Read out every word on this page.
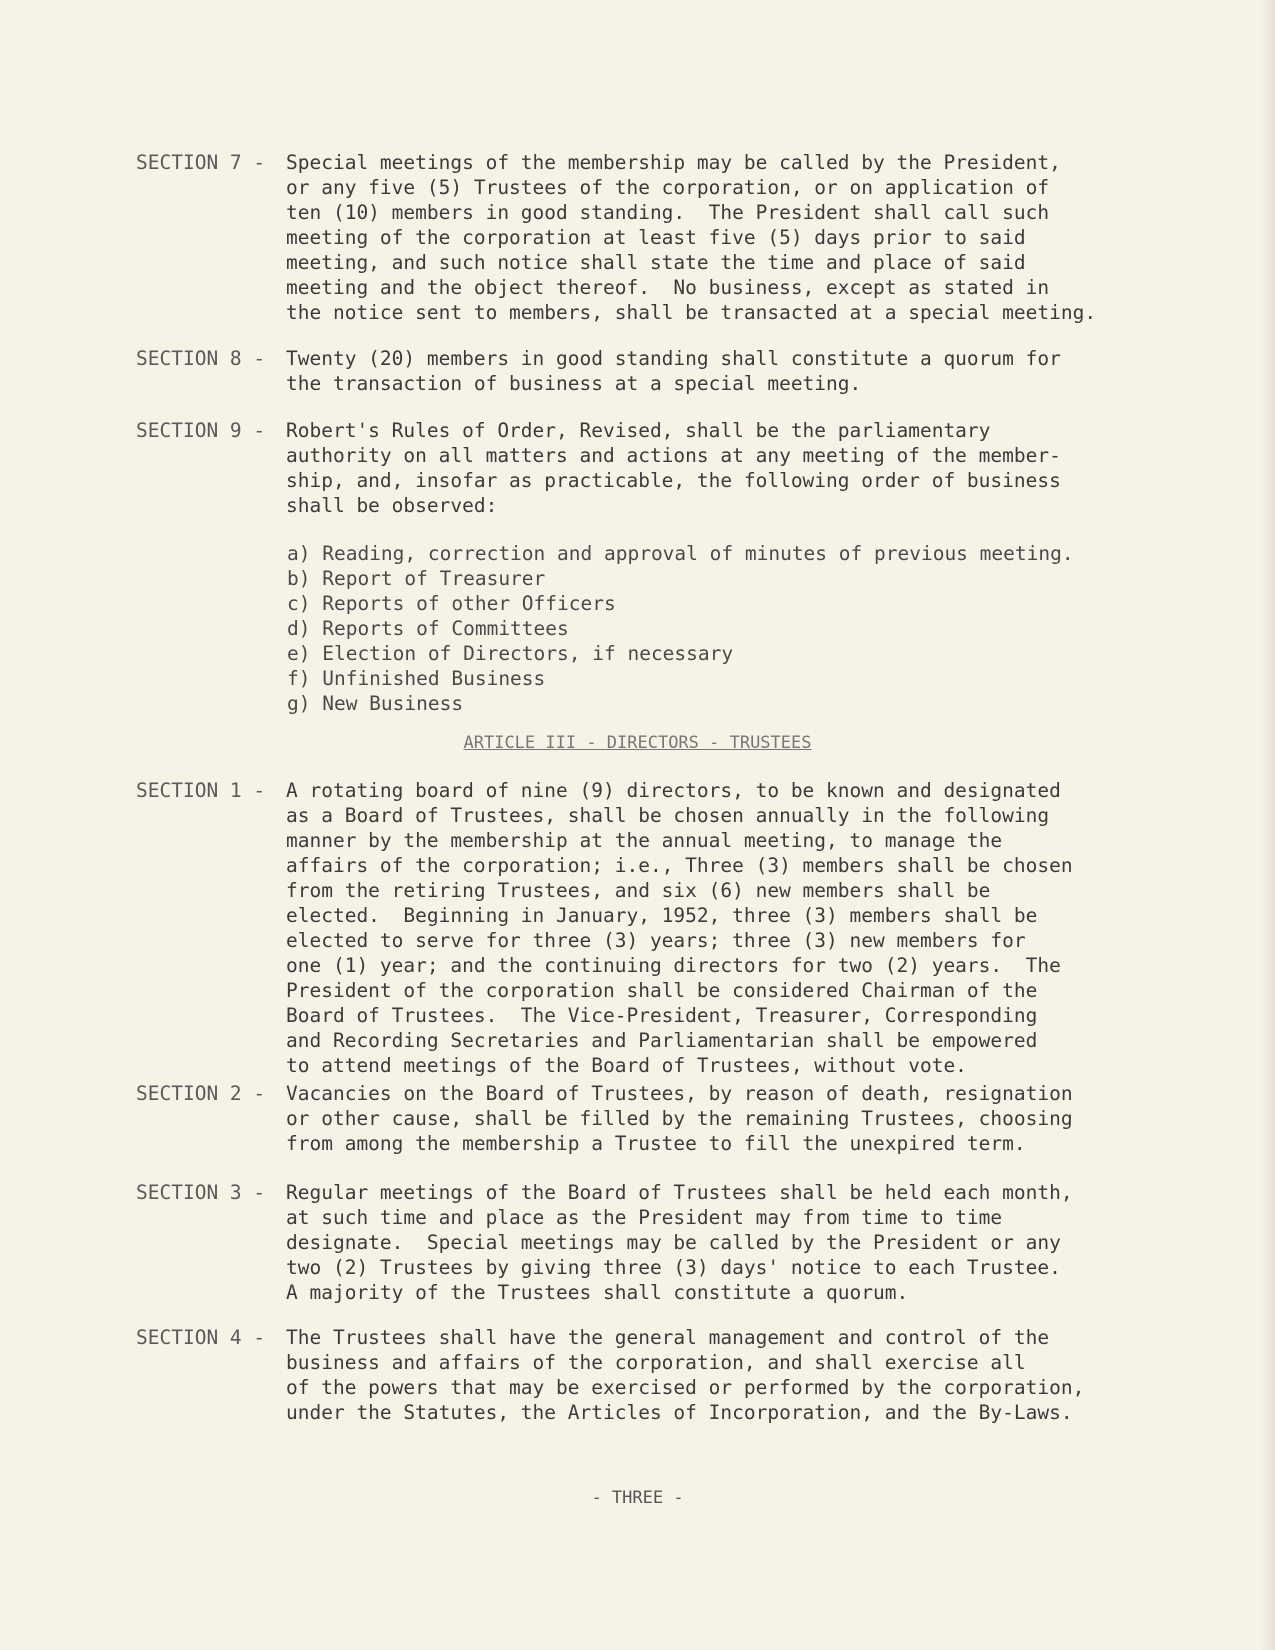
SECTION 7 - Special meetings of the membership may be called by the President,
or any five (5) Trustees of the corporation, or on application of
ten (10) members in good standing.  The President shall call such
meeting of the corporation at least five (5) days prior to said
meeting, and such notice shall state the time and place of said
meeting and the object thereof.  No business, except as stated in
the notice sent to members, shall be transacted at a special meeting.
SECTION 8 - Twenty (20) members in good standing shall constitute a quorum for
the transaction of business at a special meeting.
SECTION 9 - Robert's Rules of Order, Revised, shall be the parliamentary
authority on all matters and actions at any meeting of the member-
ship, and, insofar as practicable, the following order of business
shall be observed:
a) Reading, correction and approval of minutes of previous meeting.
b) Report of Treasurer
c) Reports of other Officers
d) Reports of Committees
e) Election of Directors, if necessary
f) Unfinished Business
g) New Business
ARTICLE III - DIRECTORS - TRUSTEES
SECTION 1 - A rotating board of nine (9) directors, to be known and designated
as a Board of Trustees, shall be chosen annually in the following
manner by the membership at the annual meeting, to manage the
affairs of the corporation; i.e., Three (3) members shall be chosen
from the retiring Trustees, and six (6) new members shall be
elected.  Beginning in January, 1952, three (3) members shall be
elected to serve for three (3) years; three (3) new members for
one (1) year; and the continuing directors for two (2) years.  The
President of the corporation shall be considered Chairman of the
Board of Trustees.  The Vice-President, Treasurer, Corresponding
and Recording Secretaries and Parliamentarian shall be empowered
to attend meetings of the Board of Trustees, without vote.
SECTION 2 - Vacancies on the Board of Trustees, by reason of death, resignation
or other cause, shall be filled by the remaining Trustees, choosing
from among the membership a Trustee to fill the unexpired term.
SECTION 3 - Regular meetings of the Board of Trustees shall be held each month,
at such time and place as the President may from time to time
designate.  Special meetings may be called by the President or any
two (2) Trustees by giving three (3) days' notice to each Trustee.
A majority of the Trustees shall constitute a quorum.
SECTION 4 - The Trustees shall have the general management and control of the
business and affairs of the corporation, and shall exercise all
of the powers that may be exercised or performed by the corporation,
under the Statutes, the Articles of Incorporation, and the By-Laws.
- THREE -
